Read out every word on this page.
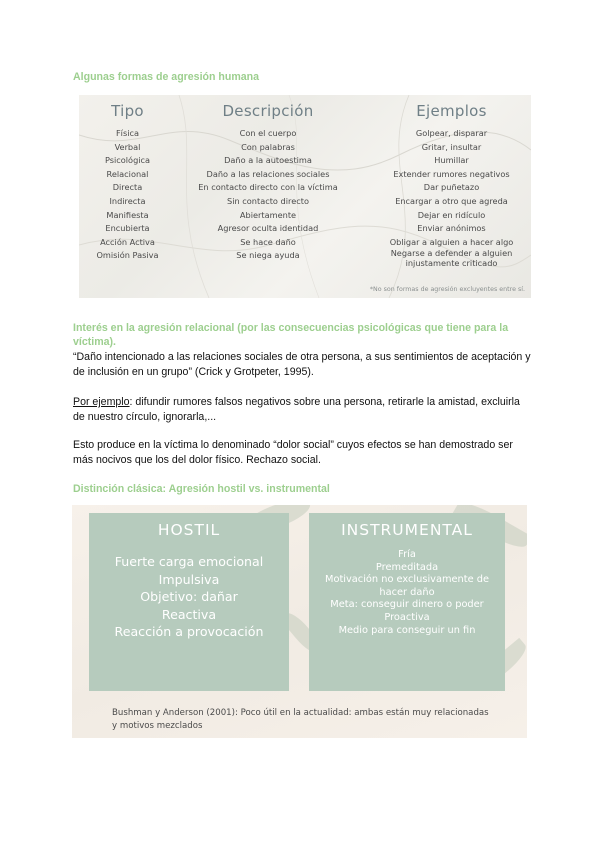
Algunas formas de agresión humana
Tipo
Física
Verbal
Psicológica
Relacional
Directa
Indirecta
Manifiesta
Encubierta
Acción Activa
Omisión Pasiva
Descripción
Con el cuerpo
Con palabras
Daño a la autoestima
Daño a las relaciones sociales
En contacto directo con la víctima
Sin contacto directo
Abiertamente
Agresor oculta identidad
Se hace daño
Se niega ayuda
Ejemplos
Golpear, disparar
Gritar, insultar
Humillar
Extender rumores negativos
Dar puñetazo
Encargar a otro que agreda
Dejar en ridículo
Enviar anónimos
Obligar a alguien a hacer algo
Negarse a defender a alguien injustamente criticado
*No son formas de agresión excluyentes entre sí.
Interés en la agresión relacional (por las consecuencias psicológicas que tiene para la víctima).

“Daño intencionado a las relaciones sociales de otra persona, a sus sentimientos de aceptación y de inclusión en un grupo” (Crick y Grotpeter, 1995).

Por ejemplo: difundir rumores falsos negativos sobre una persona, retirarle la amistad, excluirla de nuestro círculo, ignorarla,...

Esto produce en la víctima lo denominado “dolor social” cuyos efectos se han demostrado ser más nocivos que los del dolor físico. Rechazo social.

Distinción clásica: Agresión hostil vs. instrumental
HOSTIL
Fuerte carga emocional
Impulsiva
Objetivo: dañar
Reactiva
Reacción a provocación
INSTRUMENTAL
Fría
Premeditada
Motivación no exclusivamente de hacer daño
Meta: conseguir dinero o poder
Proactiva
Medio para conseguir un fin
Bushman y Anderson (2001): Poco útil en la actualidad: ambas están muy relacionadas y motivos mezclados
